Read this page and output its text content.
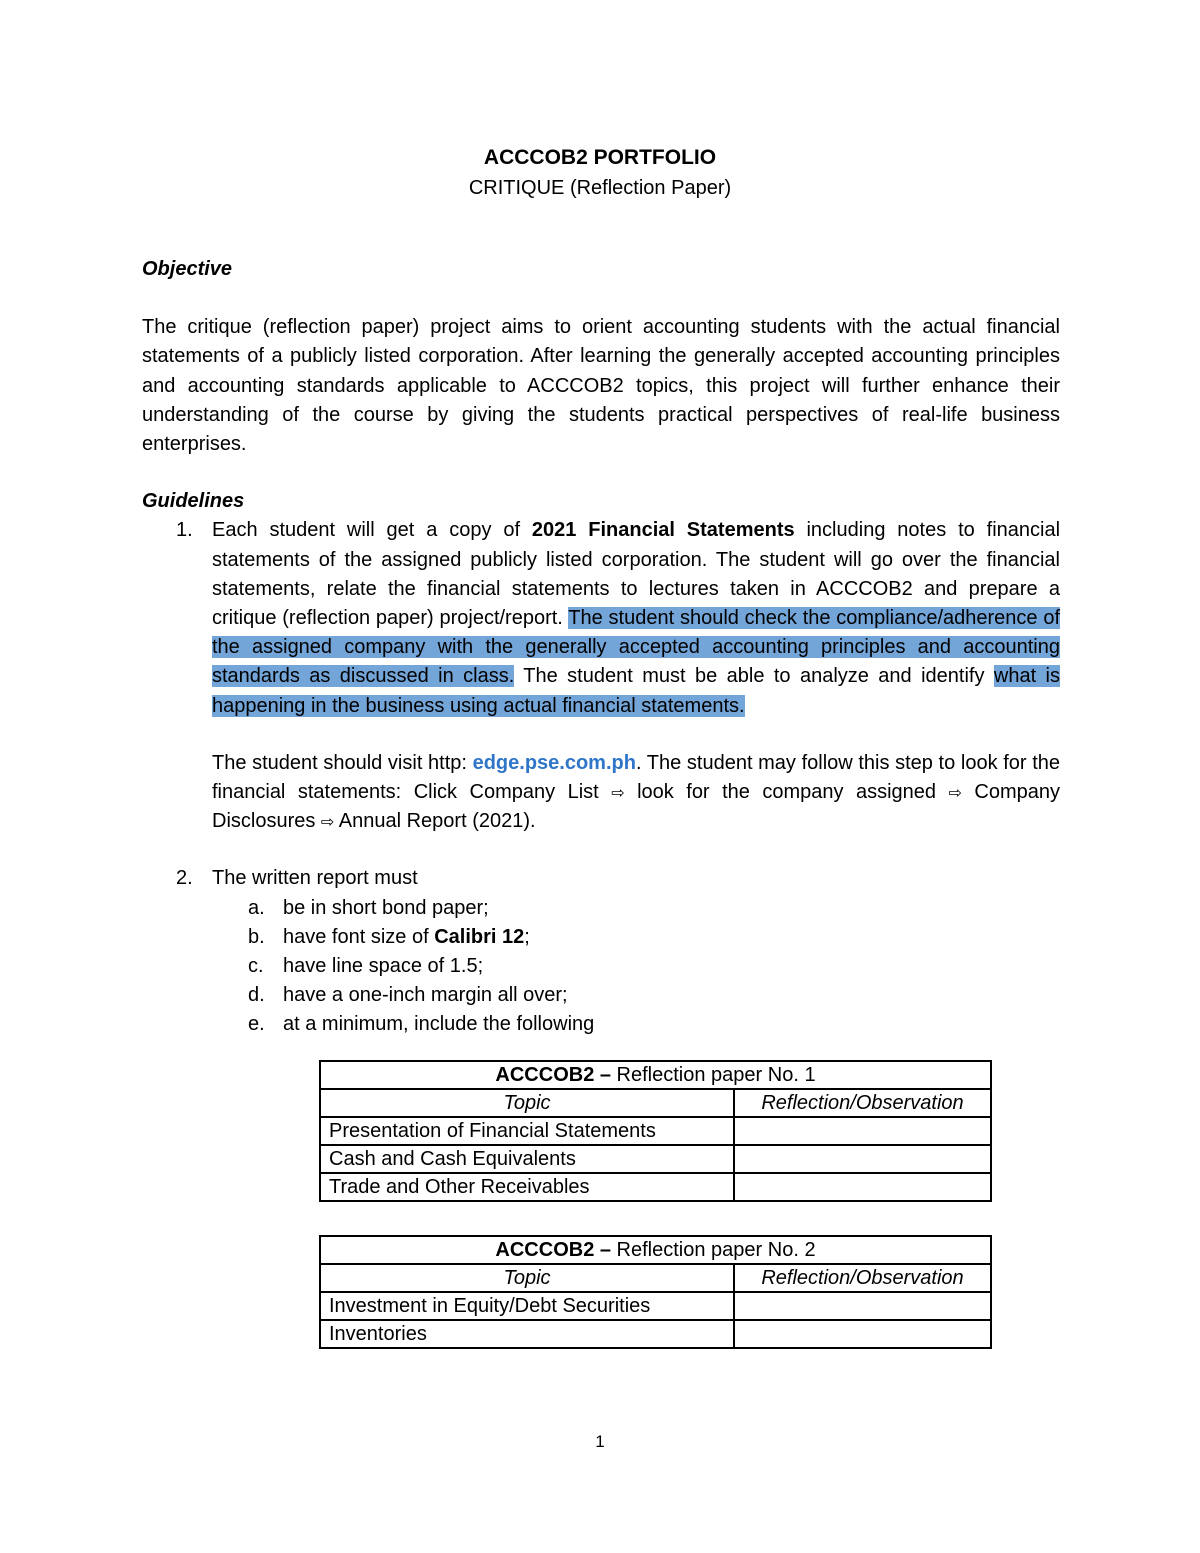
ACCCOB2 PORTFOLIO
CRITIQUE (Reflection Paper)

Objective

The critique (reflection paper) project aims to orient accounting students with the actual financial statements of a publicly listed corporation. After learning the generally accepted accounting principles and accounting standards applicable to ACCCOB2 topics, this project will further enhance their understanding of the course by giving the students practical perspectives of real-life business enterprises.

Guidelines

1. Each student will get a copy of 2021 Financial Statements including notes to financial statements of the assigned publicly listed corporation. The student will go over the financial statements, relate the financial statements to lectures taken in ACCCOB2 and prepare a critique (reflection paper) project/report. The student should check the compliance/adherence of the assigned company with the generally accepted accounting principles and accounting standards as discussed in class. The student must be able to analyze and identify what is happening in the business using actual financial statements.

The student should visit http: edge.pse.com.ph. The student may follow this step to look for the financial statements: Click Company List ⇨ look for the company assigned ⇨ Company Disclosures ⇨ Annual Report (2021).

2. The written report must
a. be in short bond paper;
b. have font size of Calibri 12;
c. have line space of 1.5;
d. have a one-inch margin all over;
e. at a minimum, include the following
ACCCOB2 – Reflection paper No. 1	
Topic	Reflection/Observation
Presentation of Financial Statements	
Cash and Cash Equivalents	
Trade and Other Receivables	
ACCCOB2 – Reflection paper No. 2	
Topic	Reflection/Observation
Investment in Equity/Debt Securities	
Inventories	
1
